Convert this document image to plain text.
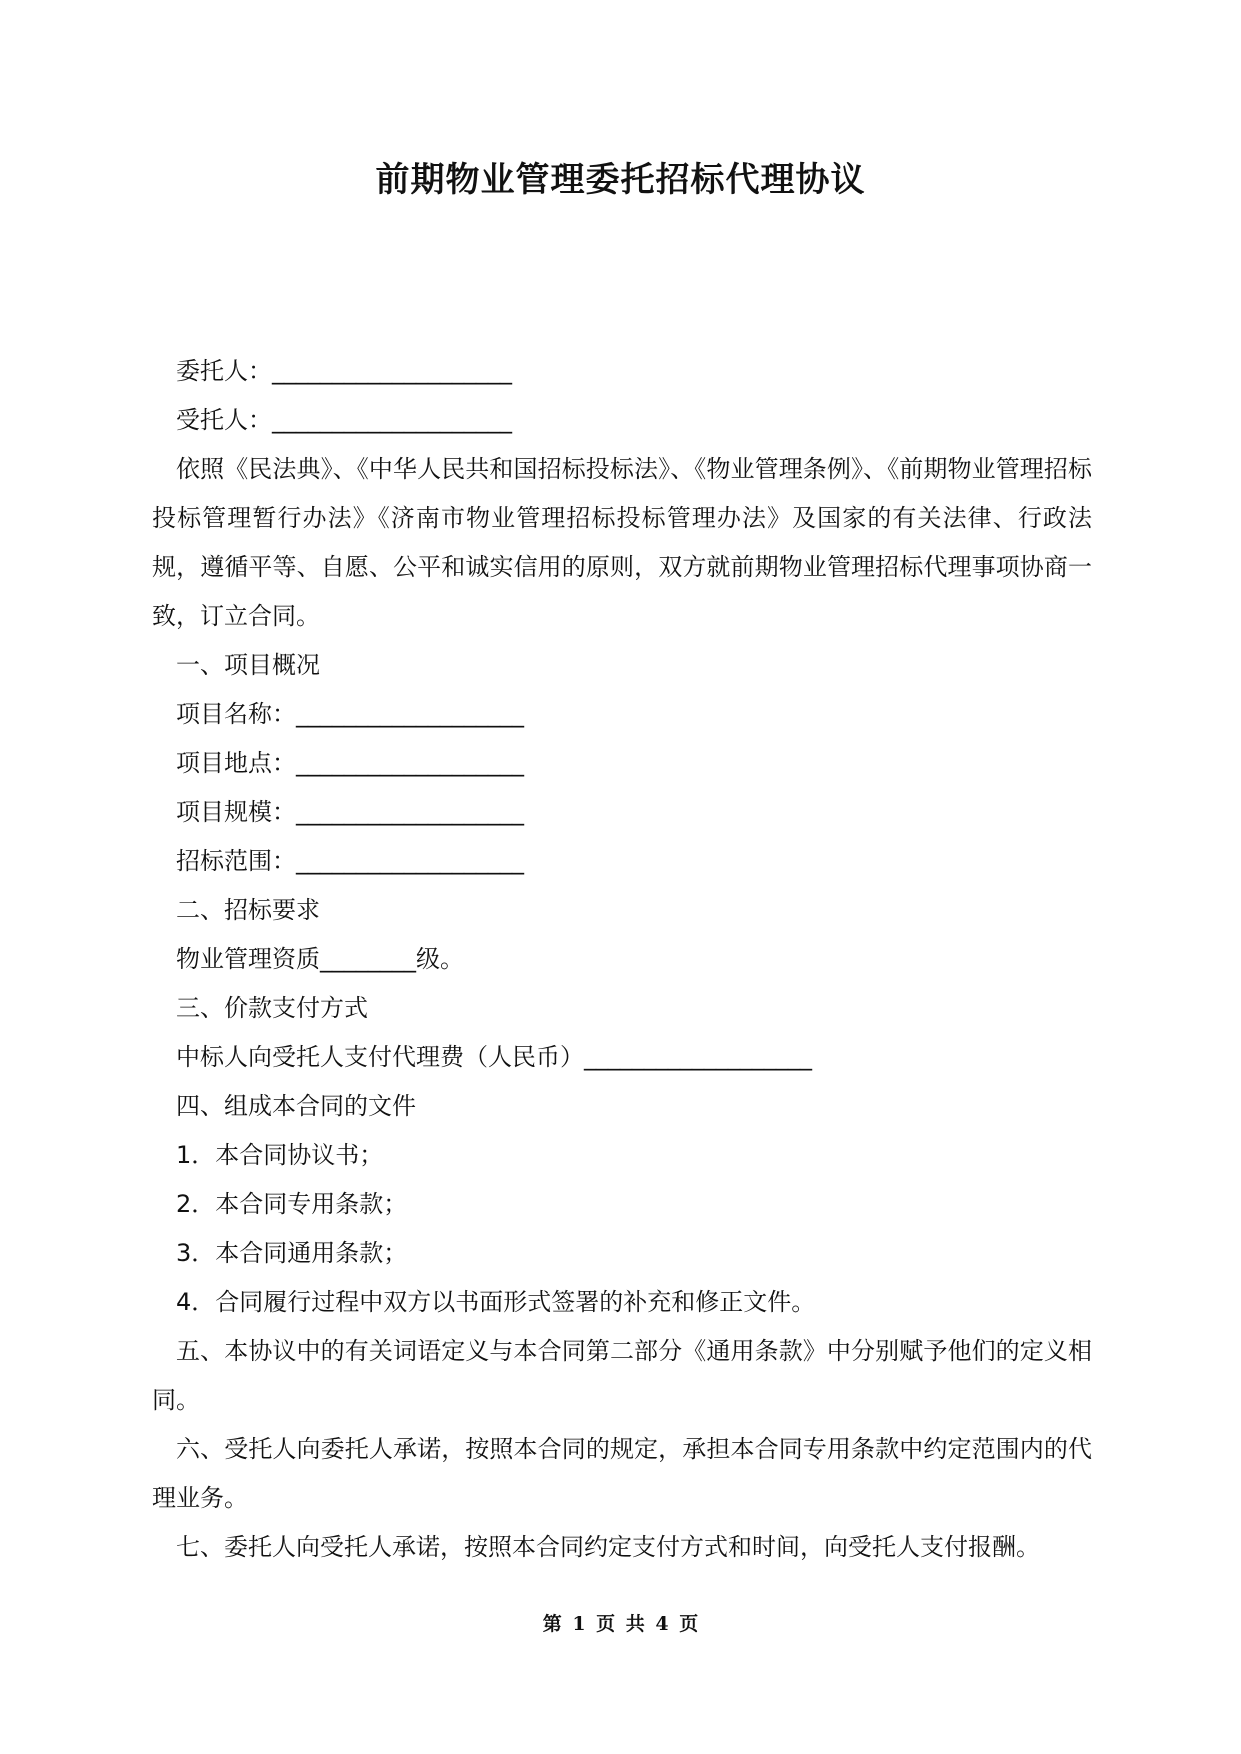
前期物业管理委托招标代理协议

委托人：____________________

受托人：____________________

依照《民法典》、《中华人民共和国招标投标法》、《物业管理条例》、《前期物业管理招标投标管理暂行办法》《济南市物业管理招标投标管理办法》及国家的有关法律、行政法规，遵循平等、自愿、公平和诚实信用的原则，双方就前期物业管理招标代理事项协商一致，订立合同。

一、项目概况

项目名称：___________________

项目地点：___________________

项目规模：___________________

招标范围：___________________

二、招标要求

物业管理资质________级。

三、价款支付方式

中标人向受托人支付代理费（人民币）___________________

四、组成本合同的文件

1．本合同协议书；

2．本合同专用条款；

3．本合同通用条款；

4．合同履行过程中双方以书面形式签署的补充和修正文件。

五、本协议中的有关词语定义与本合同第二部分《通用条款》中分别赋予他们的定义相同。

六、受托人向委托人承诺，按照本合同的规定，承担本合同专用条款中约定范围内的代理业务。

七、委托人向受托人承诺，按照本合同约定支付方式和时间，向受托人支付报酬。

第 1 页 共 4 页
